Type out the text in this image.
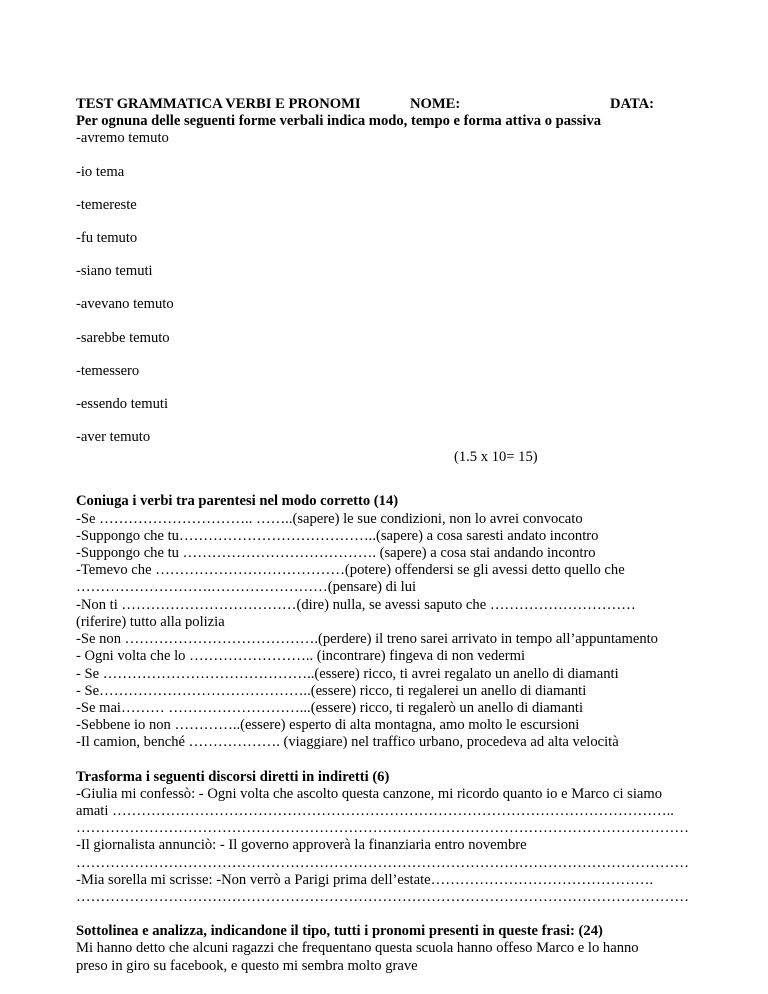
TEST GRAMMATICA VERBI E PRONOMI	NOME:	DATA:
Per ognuna delle seguenti forme verbali indica modo, tempo e forma attiva o passiva
-avremo temuto
-io tema
-temereste
-fu temuto
-siano temuti
-avevano temuto
-sarebbe temuto
-temessero
-essendo temuti
-aver temuto
(1.5 x 10= 15)
Coniuga i verbi tra parentesi nel modo corretto (14)
-Se ………………………….. ……..(sapere) le sue condizioni, non lo avrei convocato
-Suppongo che tu…………………………………..(sapere) a cosa saresti andato incontro
-Suppongo che tu …………………………………. (sapere) a cosa stai andando incontro
-Temevo che …………………………………(potere) offendersi se gli avessi detto quello che
……………………….……………………(pensare) di lui
-Non ti ………………………………(dire) nulla, se avessi saputo che …………………………
(riferire) tutto alla polizia
-Se non ………………………………….(perdere) il treno sarei arrivato in tempo all’appuntamento
- Ogni volta che lo …………………….. (incontrare) fingeva di non vedermi
- Se ……………………………………..(essere) ricco, ti avrei regalato un anello di diamanti
- Se……………………………………..(essere) ricco, ti regalerei un anello di diamanti
-Se mai……… ………………………...(essere) ricco, ti regalerò un anello di diamanti
-Sebbene io non …………..(essere) esperto di alta montagna, amo molto le escursioni
-Il camion, benché ………………. (viaggiare) nel traffico urbano, procedeva ad alta velocità
Trasforma i seguenti discorsi diretti in indiretti (6)
-Giulia mi confessò: - Ogni volta che ascolto questa canzone, mi ricordo quanto io e Marco ci siamo
amati ……………………………………………………………………………………………………..
………………………………………………………………………………………………………………
-Il giornalista annunciò: - Il governo approverà la finanziaria entro novembre
………………………………………………………………………………………………………………
-Mia sorella mi scrisse: -Non verrò a Parigi prima dell’estate……………………………………….
………………………………………………………………………………………………………………
Sottolinea e analizza, indicandone il tipo, tutti i pronomi presenti in queste frasi: (24)
Mi hanno detto che alcuni ragazzi che frequentano questa scuola hanno offeso Marco e lo hanno
preso in giro su facebook, e questo mi sembra molto grave
